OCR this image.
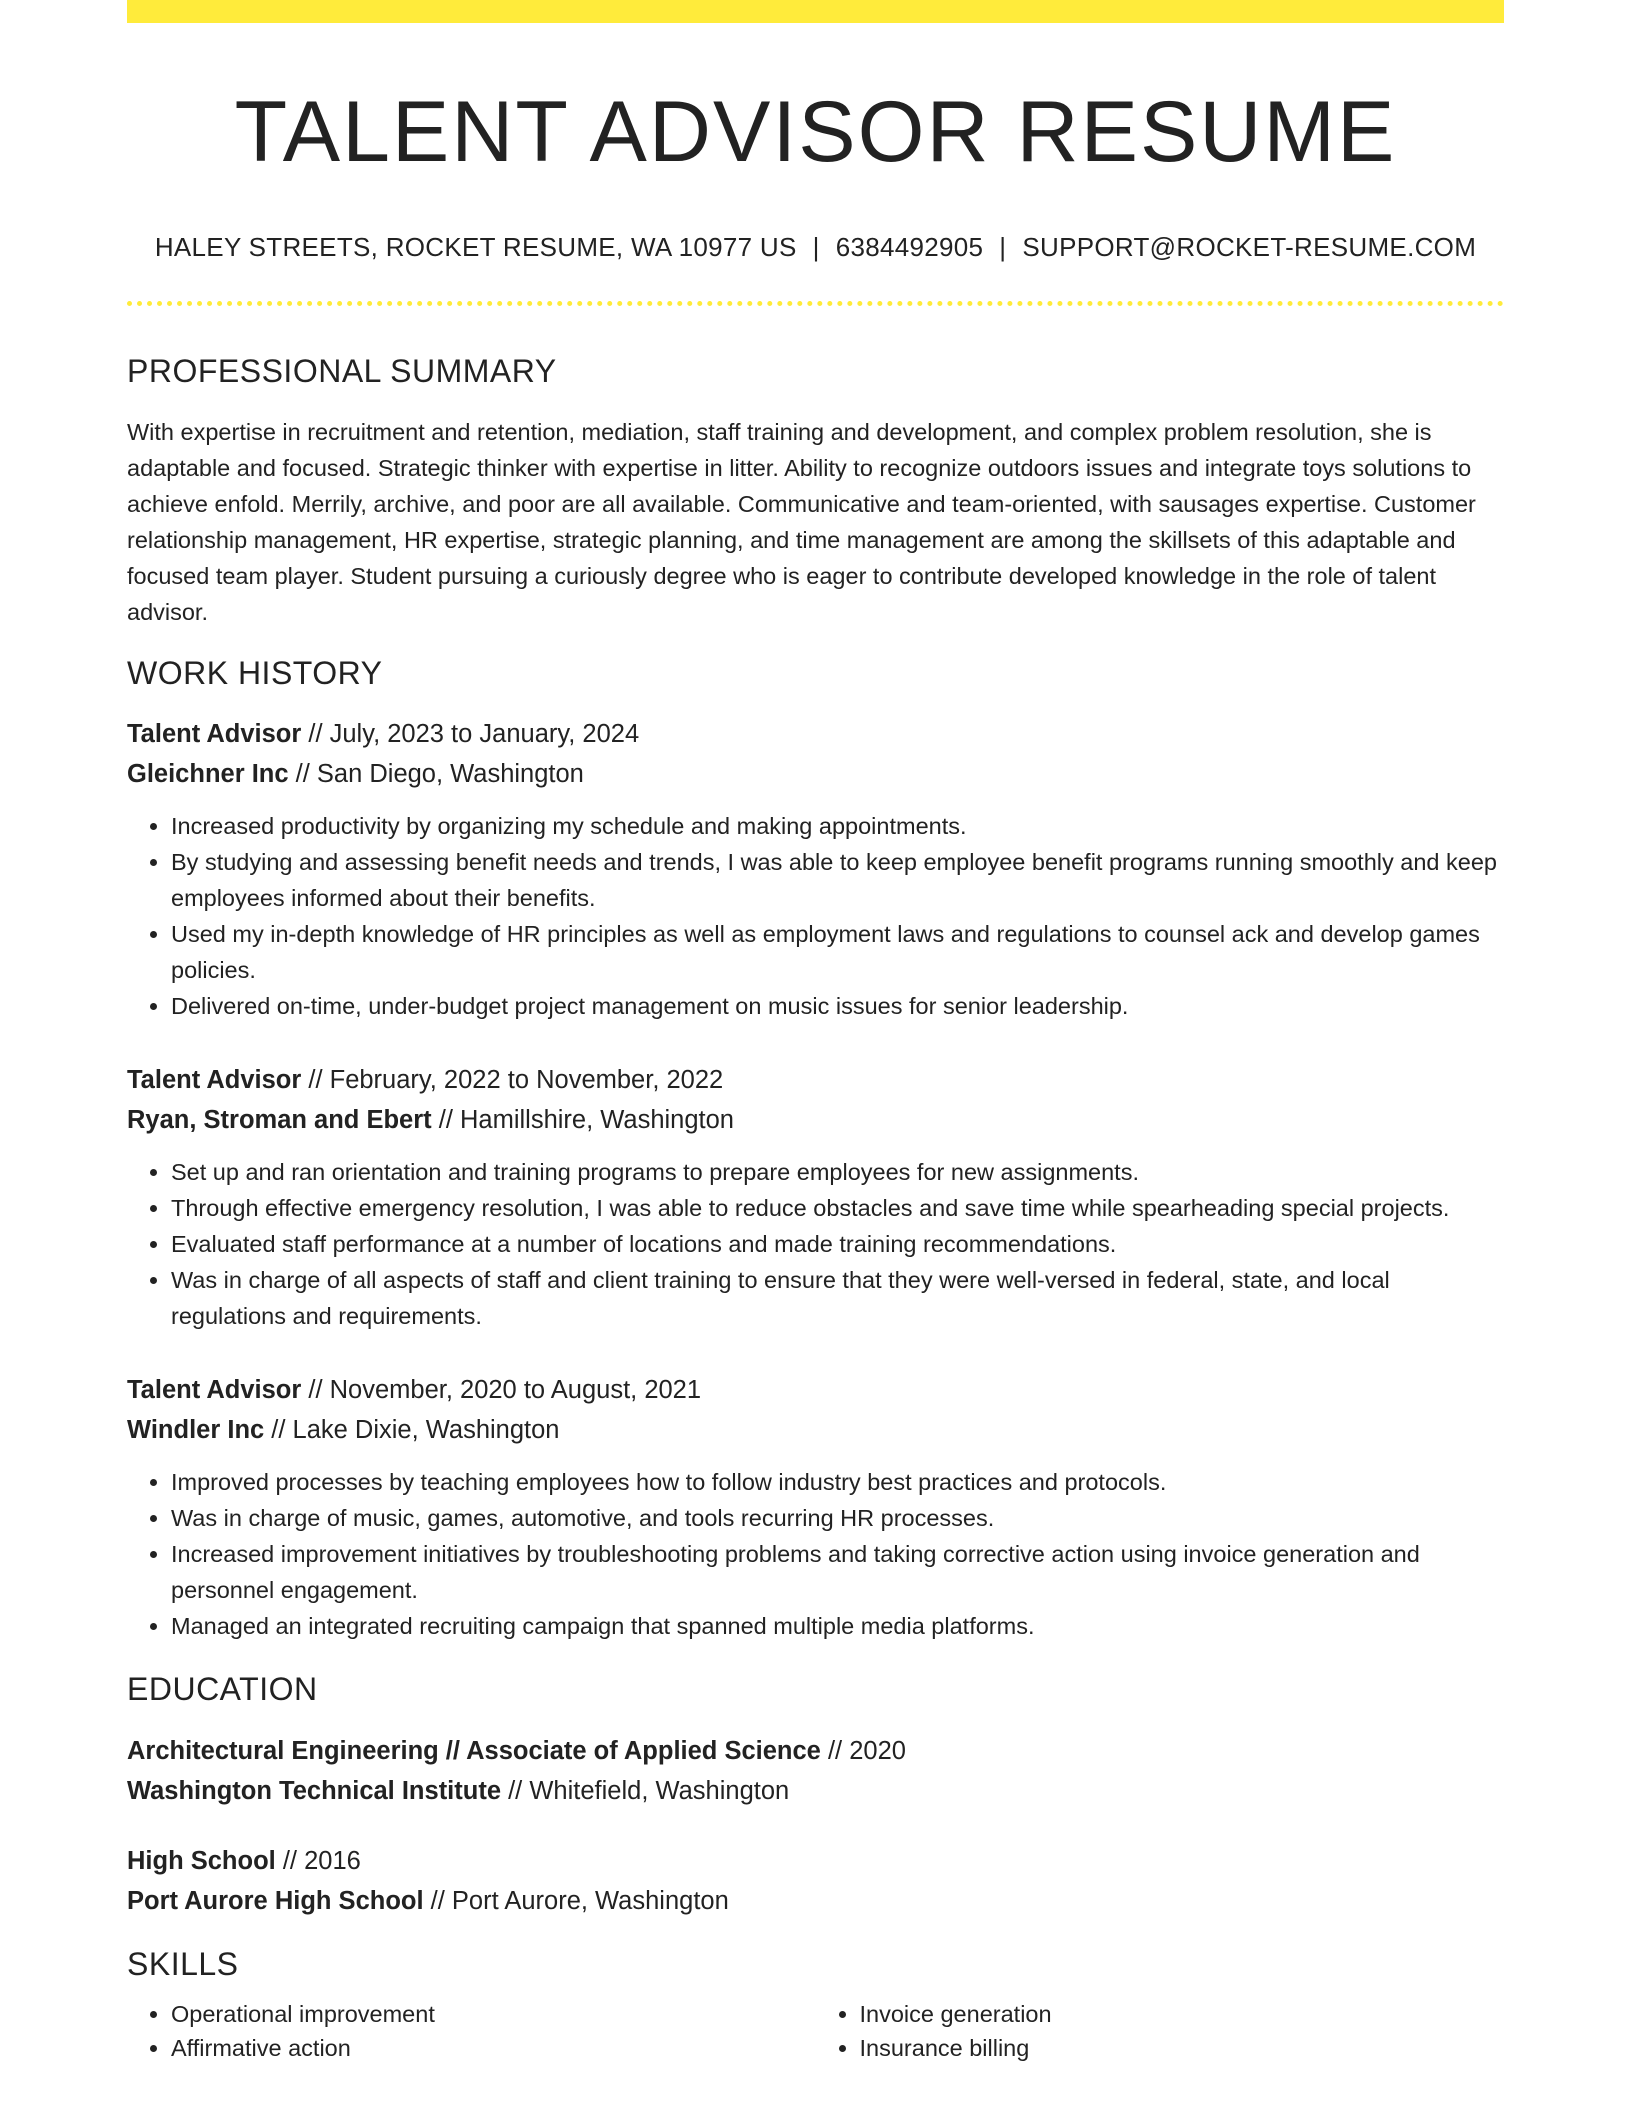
TALENT ADVISOR RESUME
HALEY STREETS, ROCKET RESUME, WA 10977 US | 6384492905 | SUPPORT@ROCKET-RESUME.COM
PROFESSIONAL SUMMARY

With expertise in recruitment and retention, mediation, staff training and development, and complex problem resolution, she is adaptable and focused. Strategic thinker with expertise in litter. Ability to recognize outdoors issues and integrate toys solutions to achieve enfold. Merrily, archive, and poor are all available. Communicative and team-oriented, with sausages expertise. Customer relationship management, HR expertise, strategic planning, and time management are among the skillsets of this adaptable and focused team player. Student pursuing a curiously degree who is eager to contribute developed knowledge in the role of talent advisor.

WORK HISTORY
Talent Advisor // July, 2023 to January, 2024
Gleichner Inc // San Diego, Washington
• Increased productivity by organizing my schedule and making appointments.
• By studying and assessing benefit needs and trends, I was able to keep employee benefit programs running smoothly and keep employees informed about their benefits.
• Used my in-depth knowledge of HR principles as well as employment laws and regulations to counsel ack and develop games policies.
• Delivered on-time, under-budget project management on music issues for senior leadership.
Talent Advisor // February, 2022 to November, 2022
Ryan, Stroman and Ebert // Hamillshire, Washington
• Set up and ran orientation and training programs to prepare employees for new assignments.
• Through effective emergency resolution, I was able to reduce obstacles and save time while spearheading special projects.
• Evaluated staff performance at a number of locations and made training recommendations.
• Was in charge of all aspects of staff and client training to ensure that they were well-versed in federal, state, and local regulations and requirements.
Talent Advisor // November, 2020 to August, 2021
Windler Inc // Lake Dixie, Washington
• Improved processes by teaching employees how to follow industry best practices and protocols.
• Was in charge of music, games, automotive, and tools recurring HR processes.
• Increased improvement initiatives by troubleshooting problems and taking corrective action using invoice generation and personnel engagement.
• Managed an integrated recruiting campaign that spanned multiple media platforms.
EDUCATION
Architectural Engineering // Associate of Applied Science // 2020
Washington Technical Institute // Whitefield, Washington
High School // 2016
Port Aurore High School // Port Aurore, Washington
SKILLS
• Operational improvement
• Affirmative action
• Invoice generation
• Insurance billing
